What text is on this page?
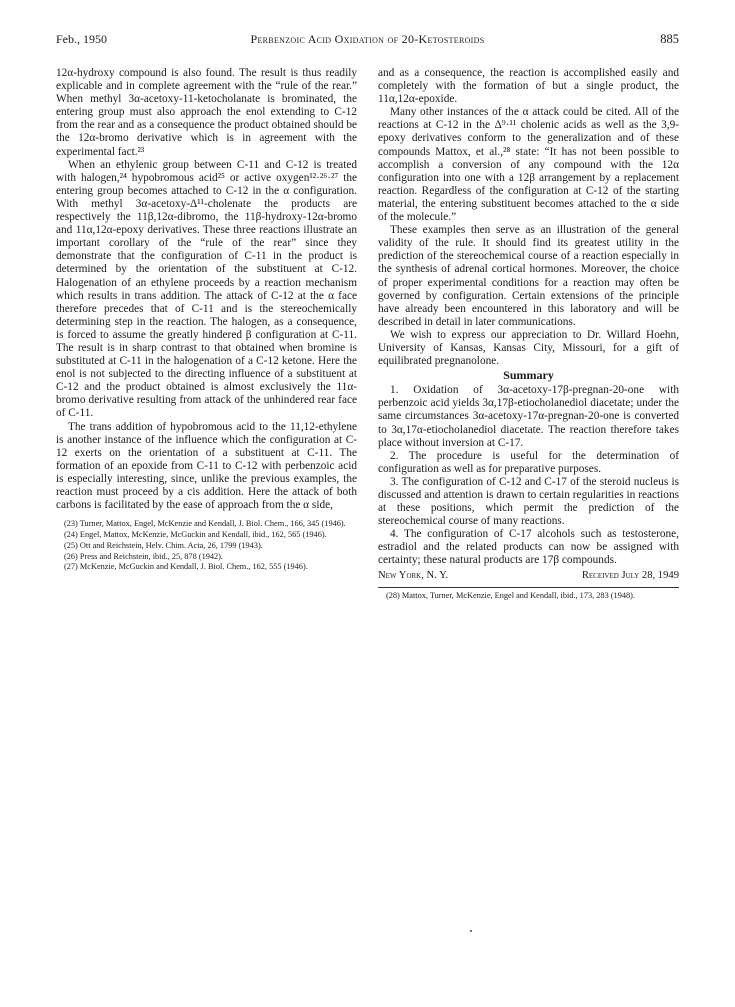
Feb., 1950	Perbenzoic Acid Oxidation of 20-Ketosteroids	885

12α-hydroxy compound is also found. The result is thus readily explicable and in complete agreement with the “rule of the rear.” When methyl 3α-acetoxy-11-ketocholanate is brominated, the entering group must also approach the enol extending to C-12 from the rear and as a consequence the product obtained should be the 12α-bromo derivative which is in agreement with the experimental fact.²³

When an ethylenic group between C-11 and C-12 is treated with halogen,²⁴ hypobromous acid²⁵ or active oxygen¹²·²⁶·²⁷ the entering group becomes attached to C-12 in the α configuration. With methyl 3α-acetoxy-Δ¹¹-cholenate the products are respectively the 11β,12α-dibromo, the 11β-hydroxy-12α-bromo and 11α,12α-epoxy derivatives. These three reactions illustrate an important corollary of the “rule of the rear” since they demonstrate that the configuration of C-11 in the product is determined by the orientation of the substituent at C-12. Halogenation of an ethylene proceeds by a reaction mechanism which results in trans addition. The attack of C-12 at the α face therefore precedes that of C-11 and is the stereochemically determining step in the reaction. The halogen, as a consequence, is forced to assume the greatly hindered β configuration at C-11. The result is in sharp contrast to that obtained when bromine is substituted at C-11 in the halogenation of a C-12 ketone. Here the enol is not subjected to the directing influence of a substituent at C-12 and the product obtained is almost exclusively the 11α-bromo derivative resulting from attack of the unhindered rear face of C-11.

The trans addition of hypobromous acid to the 11,12-ethylene is another instance of the influence which the configuration at C-12 exerts on the orientation of a substituent at C-11. The formation of an epoxide from C-11 to C-12 with perbenzoic acid is especially interesting, since, unlike the previous examples, the reaction must proceed by a cis addition. Here the attack of both carbons is facilitated by the ease of approach from the α side,

(23) Turner, Mattox, Engel, McKenzie and Kendall, J. Biol. Chem., 166, 345 (1946).

(24) Engel, Mattox, McKenzie, McGuckin and Kendall, ibid., 162, 565 (1946).

(25) Ott and Reichstein, Helv. Chim. Acta, 26, 1799 (1943).

(26) Press and Reichstein, ibid., 25, 878 (1942).

(27) McKenzie, McGuckin and Kendall, J. Biol. Chem., 162, 555 (1946).

and as a consequence, the reaction is accomplished easily and completely with the formation of but a single product, the 11α,12α-epoxide.

Many other instances of the α attack could be cited. All of the reactions at C-12 in the Δ⁹·¹¹ cholenic acids as well as the 3,9-epoxy derivatives conform to the generalization and of these compounds Mattox, et al.,²⁸ state: “It has not been possible to accomplish a conversion of any compound with the 12α configuration into one with a 12β arrangement by a replacement reaction. Regardless of the configuration at C-12 of the starting material, the entering substituent becomes attached to the α side of the molecule.”

These examples then serve as an illustration of the general validity of the rule. It should find its greatest utility in the prediction of the stereochemical course of a reaction especially in the synthesis of adrenal cortical hormones. Moreover, the choice of proper experimental conditions for a reaction may often be governed by configuration. Certain extensions of the principle have already been encountered in this laboratory and will be described in detail in later communications.

We wish to express our appreciation to Dr. Willard Hoehn, University of Kansas, Kansas City, Missouri, for a gift of equilibrated pregnanolone.

Summary

1. Oxidation of 3α-acetoxy-17β-pregnan-20-one with perbenzoic acid yields 3α,17β-etiocholanediol diacetate; under the same circumstances 3α-acetoxy-17α-pregnan-20-one is converted to 3α,17α-etiocholanediol diacetate. The reaction therefore takes place without inversion at C-17.

2. The procedure is useful for the determination of configuration as well as for preparative purposes.

3. The configuration of C-12 and C-17 of the steroid nucleus is discussed and attention is drawn to certain regularities in reactions at these positions, which permit the prediction of the stereochemical course of many reactions.

4. The configuration of C-17 alcohols such as testosterone, estradiol and the related products can now be assigned with certainty; these natural products are 17β compounds.

New York, N. Y.	Received July 28, 1949

(28) Mattox, Turner, McKenzie, Engel and Kendall, ibid., 173, 283 (1948).
